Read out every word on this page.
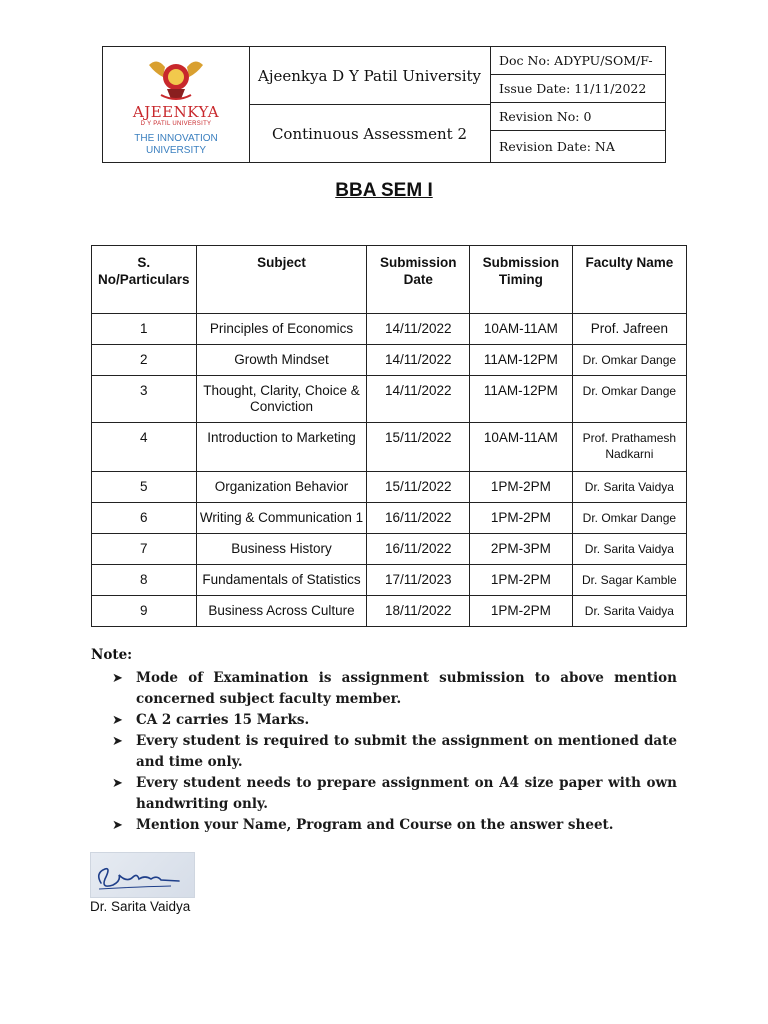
AJEENKYA
D Y PATIL UNIVERSITY
THE INNOVATION
UNIVERSITY
Ajeenkya D Y Patil University
Continuous Assessment 2
Doc No: ADYPU/SOM/F-
Issue Date: 11/11/2022
Revision No: 0
Revision Date: NA
BBA SEM I
S. No/Particulars	Subject	Submission Date	Submission Timing	Faculty Name
1	Principles of Economics	14/11/2022	10AM-11AM	Prof. Jafreen
2	Growth Mindset	14/11/2022	11AM-12PM	Dr. Omkar Dange
3	Thought, Clarity, Choice & Conviction	14/11/2022	11AM-12PM	Dr. Omkar Dange
4	Introduction to Marketing	15/11/2022	10AM-11AM	Prof. Prathamesh Nadkarni
5	Organization Behavior	15/11/2022	1PM-2PM	Dr. Sarita Vaidya
6	Writing & Communication 1	16/11/2022	1PM-2PM	Dr. Omkar Dange
7	Business History	16/11/2022	2PM-3PM	Dr. Sarita Vaidya
8	Fundamentals of Statistics	17/11/2023	1PM-2PM	Dr. Sagar Kamble
9	Business Across Culture	18/11/2022	1PM-2PM	Dr. Sarita Vaidya
Note:
➤ Mode of Examination is assignment submission to above mention concerned subject faculty member.
➤ CA 2 carries 15 Marks.
➤ Every student is required to submit the assignment on mentioned date and time only.
➤ Every student needs to prepare assignment on A4 size paper with own handwriting only.
➤ Mention your Name, Program and Course on the answer sheet.
Dr. Sarita Vaidya
